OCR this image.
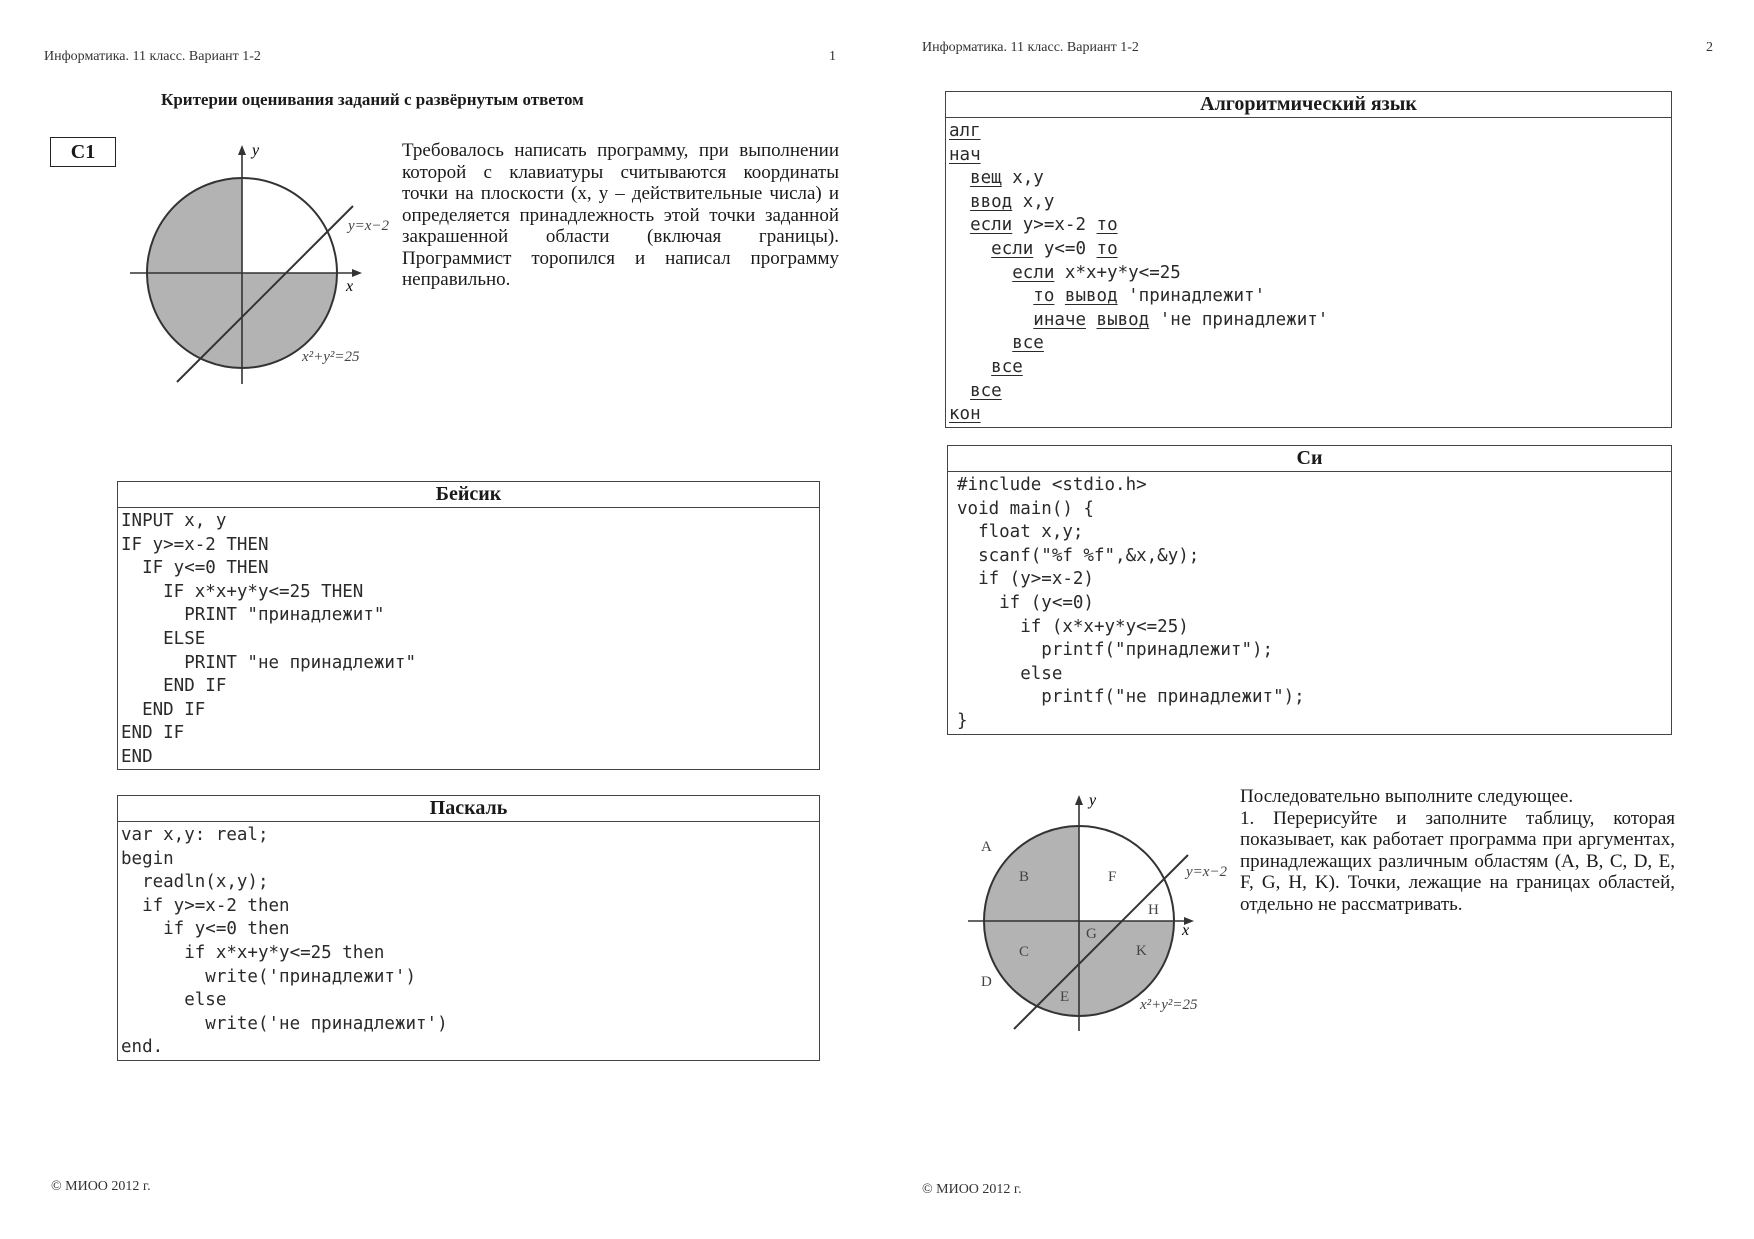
Информатика. 11 класс. Вариант 1-2	1
Критерии оценивания заданий с развёрнутым ответом
C1	y
x
y=x−2
x²+y²=25
Требовалось написать программу, при выполнении которой с клавиатуры считываются координаты точки на плоскости (x, y – действительные числа) и определяется принадлежность этой точки заданной закрашенной области (включая границы). Программист торопился и написал программу неправильно.
Бейсик
INPUT x, y
IF y>=x-2 THEN
IF y<=0 THEN
IF x*x+y*y<=25 THEN
PRINT "принадлежит"
ELSE
PRINT "не принадлежит"
END IF
END IF
END IF
END
Паскаль
var x,y: real;
begin
readln(x,y);
if y>=x-2 then
if y<=0 then
if x*x+y*y<=25 then
write('принадлежит')
else
write('не принадлежит')
end.
© МИОО 2012 г.
Информатика. 11 класс. Вариант 1-2	2
Алгоритмический язык
алг
нач
вещ x,y
ввод x,y
если y>=x-2 то
если y<=0 то
если x*x+y*y<=25
то вывод 'принадлежит'
иначе вывод 'не принадлежит'
все
все
все
кон
Си
#include <stdio.h>
void main() {
float x,y;
scanf("%f %f",&x,&y);
if (y>=x-2)
if (y<=0)
if (x*x+y*y<=25)
printf("принадлежит");
else
printf("не принадлежит");
}
y
x
y=x−2
x²+y²=25
A
B
C
D
E
F
G
H
K
Последовательно выполните следующее.
1. Перерисуйте и заполните таблицу, которая показывает, как работает программа при аргументах, принадлежащих различным областям (A, B, C, D, E, F, G, H, K). Точки, лежащие на границах областей, отдельно не рассматривать.
© МИОО 2012 г.
